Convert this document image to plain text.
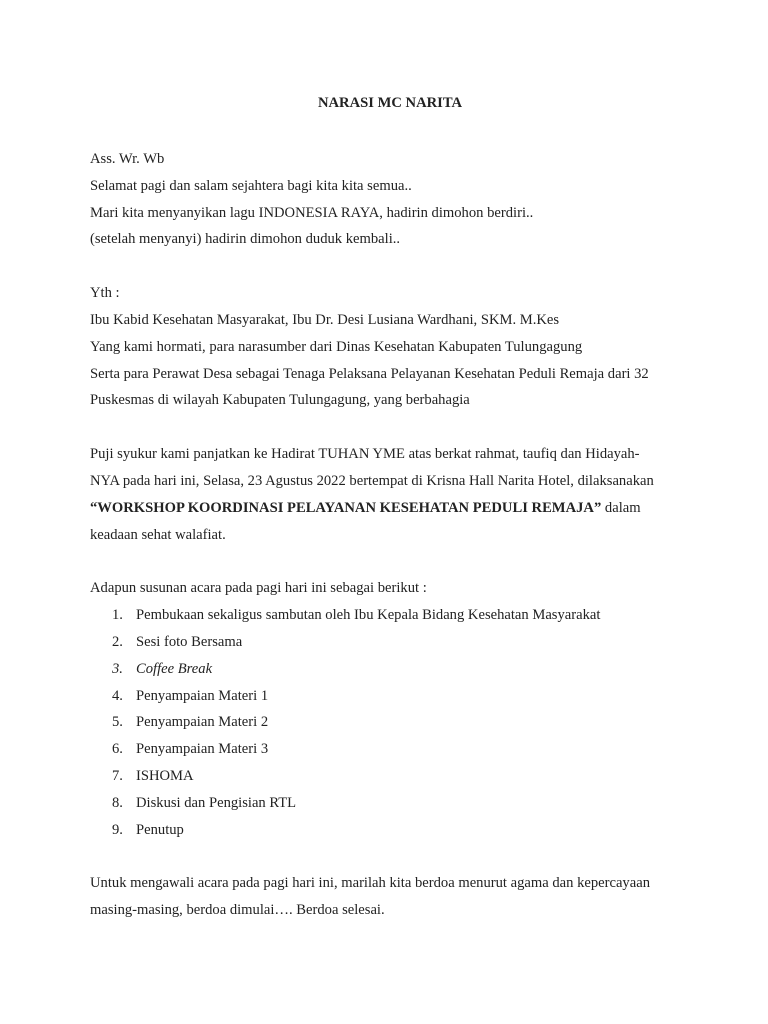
NARASI MC NARITA
Ass. Wr. Wb
Selamat pagi dan salam sejahtera bagi kita kita semua..
Mari kita menyanyikan lagu INDONESIA RAYA, hadirin dimohon berdiri..
(setelah menyanyi) hadirin dimohon duduk kembali..
Yth :
Ibu Kabid Kesehatan Masyarakat, Ibu Dr. Desi Lusiana Wardhani, SKM. M.Kes
Yang kami hormati, para narasumber dari Dinas Kesehatan Kabupaten Tulungagung
Serta para Perawat Desa sebagai Tenaga Pelaksana Pelayanan Kesehatan Peduli Remaja dari 32
Puskesmas di wilayah Kabupaten Tulungagung, yang berbahagia
Puji syukur kami panjatkan ke Hadirat TUHAN YME atas berkat rahmat, taufiq dan Hidayah-
NYA pada hari ini, Selasa, 23 Agustus 2022 bertempat di Krisna Hall Narita Hotel, dilaksanakan
“WORKSHOP KOORDINASI PELAYANAN KESEHATAN PEDULI REMAJA” dalam
keadaan sehat walafiat.
Adapun susunan acara pada pagi hari ini sebagai berikut :
1. Pembukaan sekaligus sambutan oleh Ibu Kepala Bidang Kesehatan Masyarakat
2. Sesi foto Bersama
3. Coffee Break
4. Penyampaian Materi 1
5. Penyampaian Materi 2
6. Penyampaian Materi 3
7. ISHOMA
8. Diskusi dan Pengisian RTL
9. Penutup
Untuk mengawali acara pada pagi hari ini, marilah kita berdoa menurut agama dan kepercayaan
masing-masing, berdoa dimulai…. Berdoa selesai.
